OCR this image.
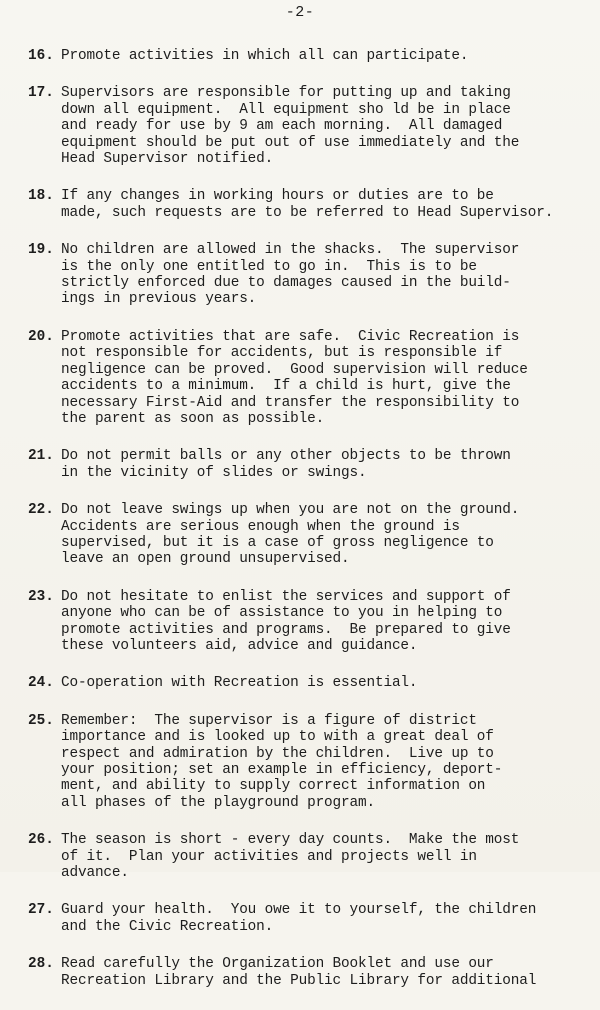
-2-
16. Promote activities in which all can participate.
17. Supervisors are responsible for putting up and taking
down all equipment.  All equipment sho ld be in place
and ready for use by 9 am each morning.  All damaged
equipment should be put out of use immediately and the
Head Supervisor notified.
18. If any changes in working hours or duties are to be
made, such requests are to be referred to Head Supervisor.
19. No children are allowed in the shacks.  The supervisor
is the only one entitled to go in.  This is to be
strictly enforced due to damages caused in the build-
ings in previous years.
20. Promote activities that are safe.  Civic Recreation is
not responsible for accidents, but is responsible if
negligence can be proved.  Good supervision will reduce
accidents to a minimum.  If a child is hurt, give the
necessary First-Aid and transfer the responsibility to
the parent as soon as possible.
21. Do not permit balls or any other objects to be thrown
in the vicinity of slides or swings.
22. Do not leave swings up when you are not on the ground.
Accidents are serious enough when the ground is
supervised, but it is a case of gross negligence to
leave an open ground unsupervised.
23. Do not hesitate to enlist the services and support of
anyone who can be of assistance to you in helping to
promote activities and programs.  Be prepared to give
these volunteers aid, advice and guidance.
24. Co-operation with Recreation is essential.
25. Remember:  The supervisor is a figure of district
importance and is looked up to with a great deal of
respect and admiration by the children.  Live up to
your position; set an example in efficiency, deport-
ment, and ability to supply correct information on
all phases of the playground program.
26. The season is short - every day counts.  Make the most
of it.  Plan your activities and projects well in
advance.
27. Guard your health.  You owe it to yourself, the children
and the Civic Recreation.
28. Read carefully the Organization Booklet and use our
Recreation Library and the Public Library for additional
